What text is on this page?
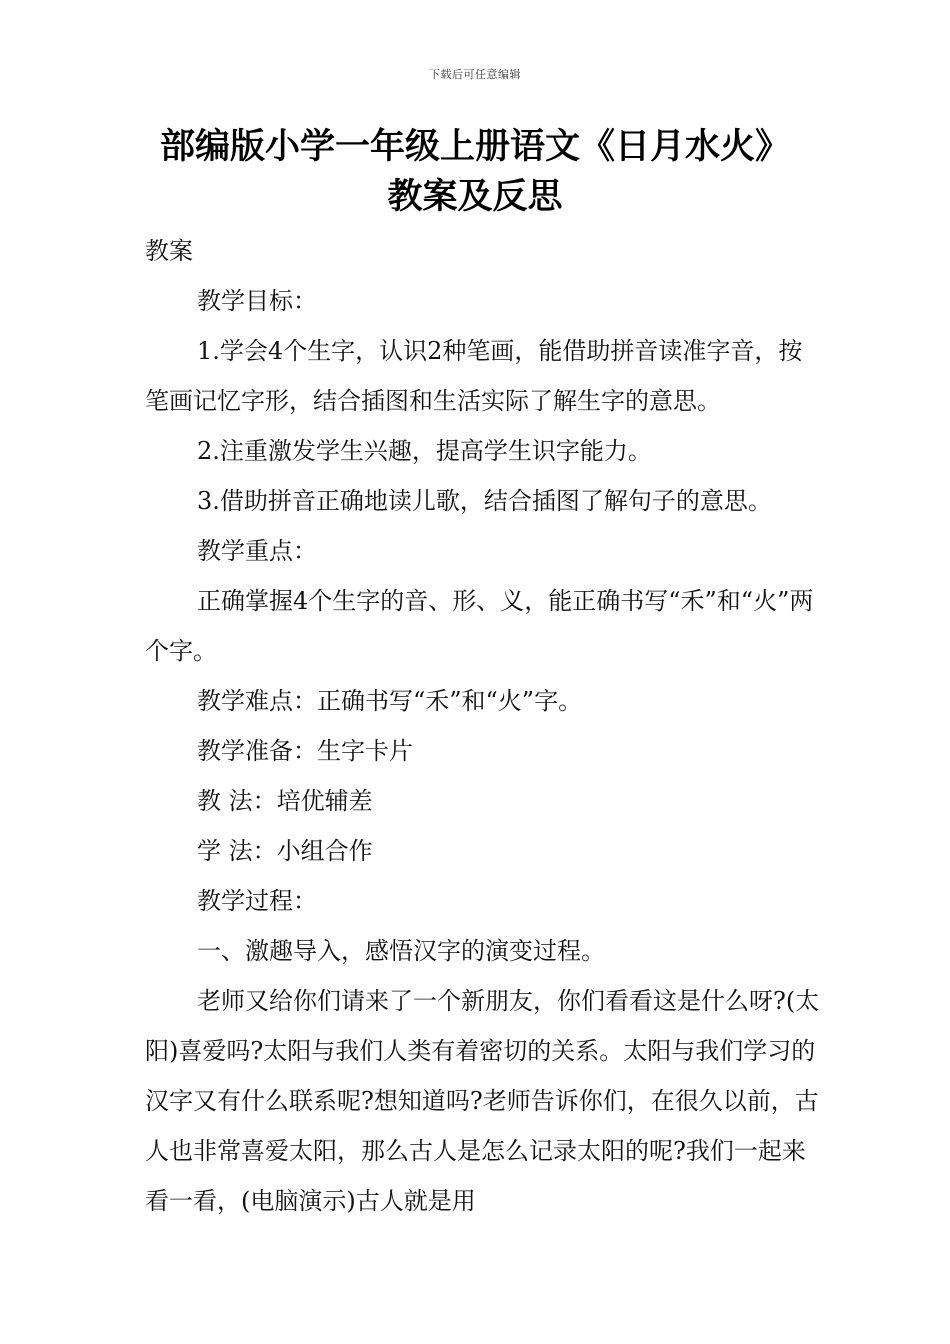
下载后可任意编辑
部编版小学一年级上册语文《日月水火》
教案及反思

教案

教学目标：

1.学会4个生字，认识2种笔画，能借助拼音读准字音，按笔画记忆字形，结合插图和生活实际了解生字的意思。

2.注重激发学生兴趣，提高学生识字能力。

3.借助拼音正确地读儿歌，结合插图了解句子的意思。

教学重点：

正确掌握4个生字的音、形、义，能正确书写“禾”和“火”两个字。

教学难点：正确书写“禾”和“火”字。

教学准备：生字卡片

教 法：培优辅差

学 法：小组合作

教学过程：

一、激趣导入，感悟汉字的演变过程。

老师又给你们请来了一个新朋友，你们看看这是什么呀?(太阳)喜爱吗?太阳与我们人类有着密切的关系。太阳与我们学习的汉字又有什么联系呢?想知道吗?老师告诉你们，在很久以前，古人也非常喜爱太阳，那么古人是怎么记录太阳的呢?我们一起来看一看，(电脑演示)古人就是用
